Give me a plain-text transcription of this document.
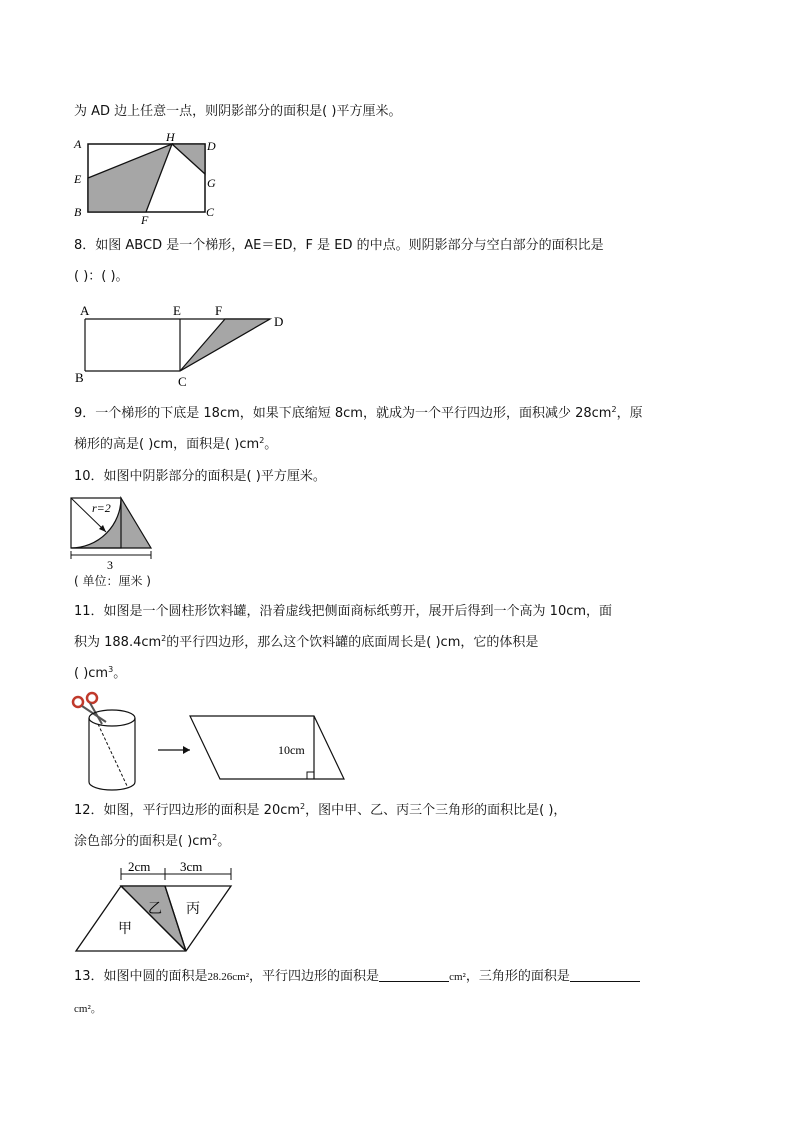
为 AD 边上任意一点，则阴影部分的面积是( )平方厘米。
A
B	C
D
E
F
G
H
8．如图 ABCD 是一个梯形，AE＝ED，F 是 ED 的中点。则阴影部分与空白部分的面积比是
( )：( )。
A
B	C
D
E	F
9．一个梯形的下底是 18cm，如果下底缩短 8cm，就成为一个平行四边形，面积减少 $28cm^2$，原
梯形的高是( )cm，面积是( )$cm^2$。
10．如图中阴影部分的面积是( )平方厘米。
r=2
3
( 单位：厘米 )
11．如图是一个圆柱形饮料罐，沿着虚线把侧面商标纸剪开，展开后得到一个高为 10cm，面
积为 $188.4cm^2$的平行四边形，那么这个饮料罐的底面周长是( )cm，它的体积是
( )$cm^3$。
10cm
12．如图，平行四边形的面积是 $20cm^2$，图中甲、乙、丙三个三角形的面积比是( )，
涂色部分的面积是( )$cm^2$。
2cm 3cm
甲
乙 丙
13．如图中圆的面积是28.26cm²，平行四边形的面积是	cm²，三角形的面积是
cm²。
